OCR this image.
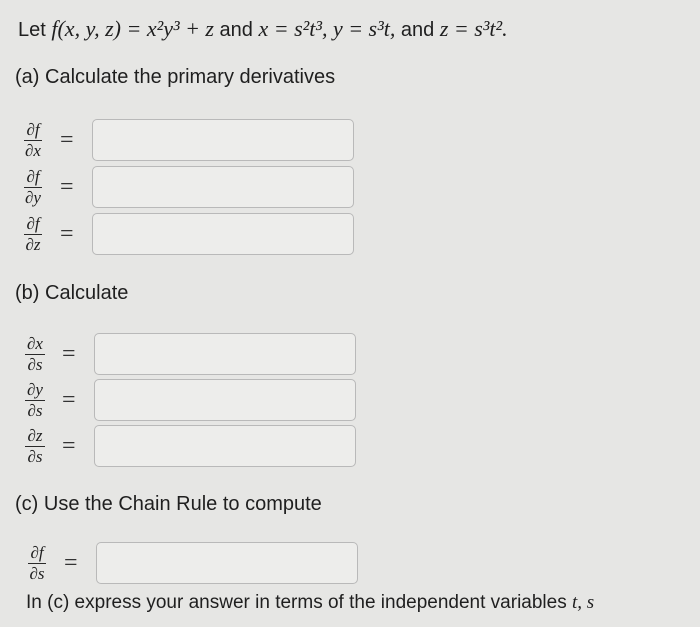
Let f(x, y, z) = x²y³ + z and x = s²t³, y = s³t, and z = s³t².
(a) Calculate the primary derivatives
$\frac{\partial f}{\partial x}$ =
$\frac{\partial f}{\partial y}$ =
$\frac{\partial f}{\partial z}$ =
(b) Calculate
$\frac{\partial x}{\partial s}$ =
$\frac{\partial y}{\partial s}$ =
$\frac{\partial z}{\partial s}$ =
(c) Use the Chain Rule to compute
$\frac{\partial f}{\partial s}$ =
In (c) express your answer in terms of the independent variables t, s
